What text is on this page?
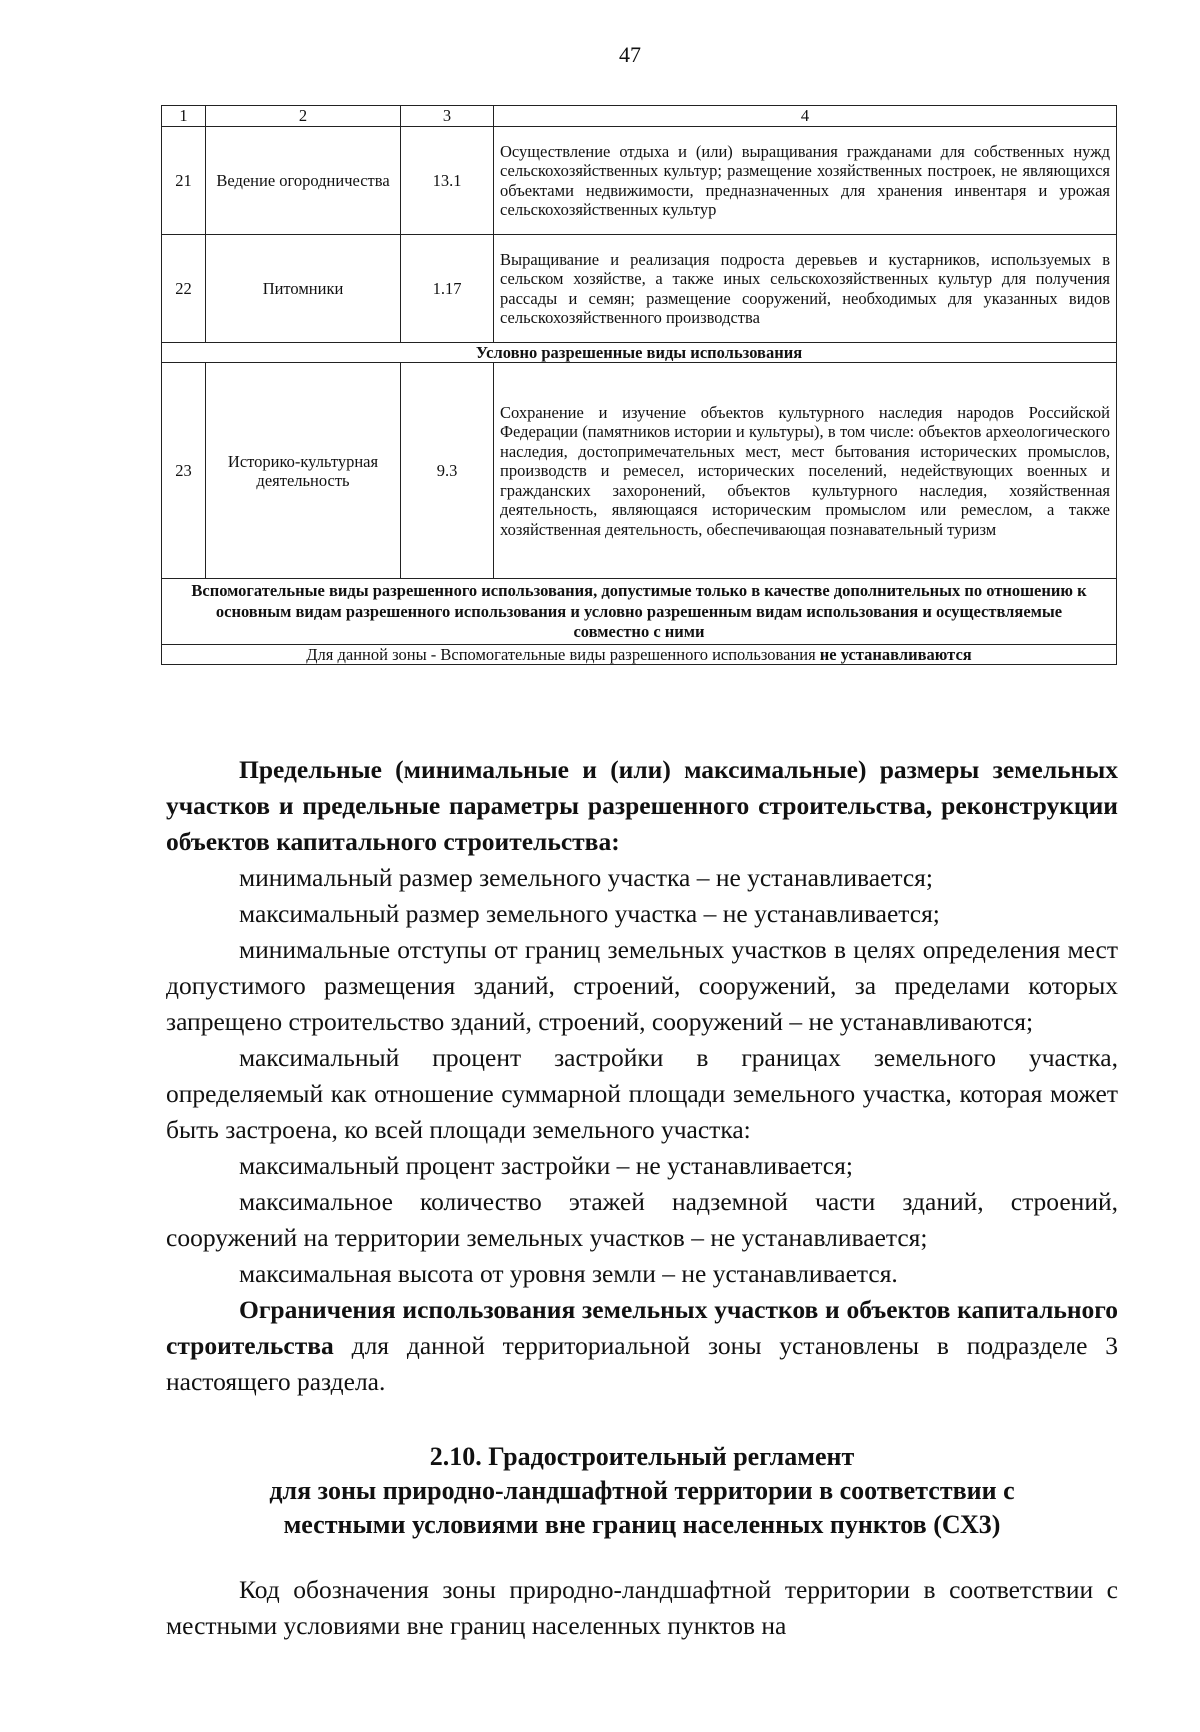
47
1	2	3	4
21	Ведение огородничества	13.1	Осуществление отдыха и (или) выращивания гражданами для собственных нужд сельскохозяйственных культур; размещение хозяйственных построек, не являющихся объектами недвижимости, предназначенных для хранения инвентаря и урожая сельскохозяйственных культур
22	Питомники	1.17	Выращивание и реализация подроста деревьев и кустарников, используемых в сельском хозяйстве, а также иных сельскохозяйственных культур для получения рассады и семян; размещение сооружений, необходимых для указанных видов сельскохозяйственного производства
Условно разрешенные виды использования			
23	Историко-культурная деятельность	9.3	Сохранение и изучение объектов культурного наследия народов Российской Федерации (памятников истории и культуры), в том числе: объектов археологического наследия, достопримечательных мест, мест бытования исторических промыслов, производств и ремесел, исторических поселений, недействующих военных и гражданских захоронений, объектов культурного наследия, хозяйственная деятельность, являющаяся историческим промыслом или ремеслом, а также хозяйственная деятельность, обеспечивающая познавательный туризм
Вспомогательные виды разрешенного использования, допустимые только в качестве дополнительных по отношению к основным видам разрешенного использования и условно разрешенным видам использования и осуществляемые совместно с ними			
Для данной зоны - Вспомогательные виды разрешенного использования не устанавливаются			

Предельные (минимальные и (или) максимальные) размеры земельных участков и предельные параметры разрешенного строительства, реконструкции объектов капитального строительства:

минимальный размер земельного участка – не устанавливается;

максимальный размер земельного участка – не устанавливается;

минимальные отступы от границ земельных участков в целях определения мест допустимого размещения зданий, строений, сооружений, за пределами которых запрещено строительство зданий, строений, сооружений – не устанавливаются;

максимальный процент застройки в границах земельного участка, определяемый как отношение суммарной площади земельного участка, которая может быть застроена, ко всей площади земельного участка:

максимальный процент застройки – не устанавливается;

максимальное количество этажей надземной части зданий, строений, сооружений на территории земельных участков – не устанавливается;

максимальная высота от уровня земли – не устанавливается.

Ограничения использования земельных участков и объектов капитального строительства для данной территориальной зоны установлены в подразделе 3 настоящего раздела.

2.10. Градостроительный регламент
для зоны природно-ландшафтной территории в соответствии с
местными условиями вне границ населенных пунктов (СХ3)

Код обозначения зоны природно-ландшафтной территории в соответствии с местными условиями вне границ населенных пунктов на
